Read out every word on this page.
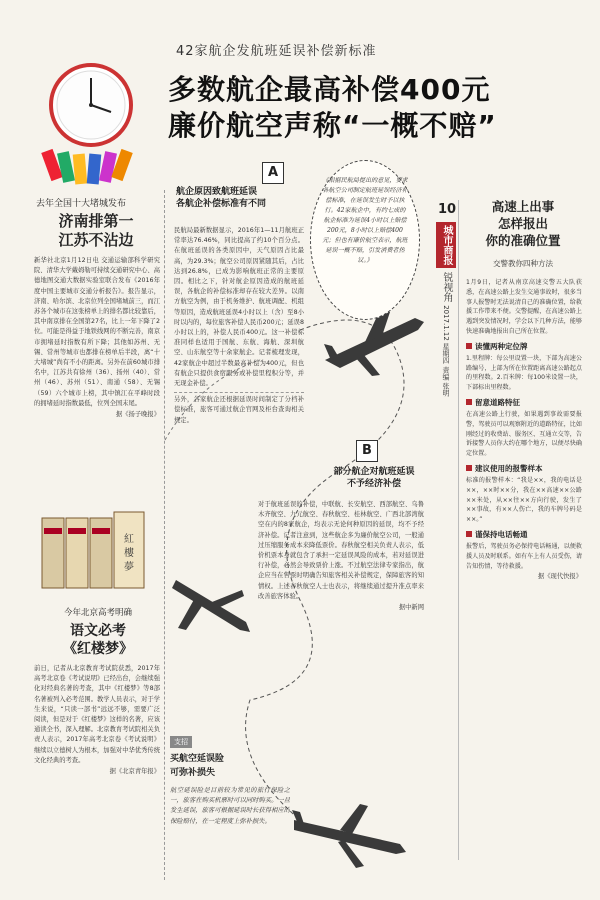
42家航企发航班延误补偿新标准
多数航企最高补偿400元
廉价航空声称“一概不赔”
去年全国十大堵城发布
济南排第一
江苏不沾边

新华社北京1月12日电 交通运输部科学研究院、清华大学戴姆勒可持续交通研究中心、高德地图交通大数据实验室联合发布《2016年度中国主要城市交通分析报告》。报告显示，济南、哈尔滨、北京位列全国堵城前三，而江苏各个城市在这张榜单上的排名都比较靠后，其中南京排在全国第27名，比上一年下降了2位。可能是得益于地铁线网的不断完善，南京市拥堵延时指数有所下降；其他如苏州、无锡、常州等城市也都排在榜单后半段，离“十大堵城”尚有不小的距离。另外在前60城市排名中，江苏共有徐州（36）、扬州（40）、常州（46）、苏州（51）、南通（58）、无锡（59）六个城市上榜，其中镇江在平峰时段的拥堵延时指数最低，位列全国末尾。

据《扬子晚报》

紅
樓
夢
今年北京高考明确
语文必考
《红楼梦》

前日，记者从北京教育考试院获悉，2017年高考北京卷《考试说明》已经出台，会继续强化对经典名著的考查，其中《红楼梦》等8部名著被列入必考范围。教学人员表示，对于学生来说，“只读一部书”远远不够，需要广泛阅读，但是对于《红楼梦》这样的名著，应该通读全书，深入理解。北京教育考试院相关负责人表示，2017年高考北京卷《考试说明》继续以立德树人为根本，加强对中华优秀传统文化经典的考查。

据《北京青年报》

A
航企原因致航班延误
各航企补偿标准有不同

民航局最新数据显示，2016年1—11月航班正常率达76.46%，同比提高了约10个百分点。在航班延误的各类原因中，天气原因占比最高，为29.3%；航空公司原因紧随其后，占比达到26.8%，已成为影响航班正常的主要原因。相比之下，针对航企原因造成的航班延误，各航企的补偿标准却存在较大差异。以南方航空为例，由于机务维护、航班调配、机组等原因，造成航班延误4小时以上（含）至8小时以内的，每位旅客补偿人民币200元；延误8小时以上的，补偿人民币400元。这一补偿标准同样也适用于国航、东航、海航、深圳航空、山东航空等十余家航企。记者梳理发现，42家航企中超过半数最高补偿为400元，但也有航企只提供食宿服务或补偿里程积分等，并无现金补偿。

另外，各家航企还根据延误时间制定了分档补偿标准，旅客可通过航企官网及柜台查询相关规定。

《根据民航局提出的意见，要求各航空公司制定航班延误经济补偿标准，在延误发生时予以执行。42家航企中，有约七成的航企标准为延误4小时以上赔偿200元，8小时以上赔偿400元；但也有廉价航空表示，航班延误一概不赔，引发消费者热议。》
B
部分航企对航班延误
不予经济补偿

对于航班延误的补偿，中联航、长安航空、西部航空、乌鲁木齐航空、九元航空、春秋航空、桂林航空、广西北部湾航空在内的8家航企，均表示无论何种原因的延误，均不予经济补偿。记者注意到，这些航企多为廉价航空公司，一般通过压缩服务成本来降低票价。春秋航空相关负责人表示，低价机票本身就包含了承担一定延误风险的成本，若对延误进行补偿，必然会导致票价上涨。不过航空法律专家指出，航企应当在售票时明确告知旅客相关补偿规定，保障旅客的知情权。上述春秋航空人士也表示，将继续通过提升准点率来改善旅客体验。

据中新网

支招
买航空延误险
可弥补损失

航空延误险是目前较为常见的旅行保险之一，旅客在购买机票时可以同时购买。一旦发生延误，旅客可根据延误时长获得相应的保险赔付，在一定程度上弥补损失。

10
城市商报
锐视角 2017.1.12 星期四 责编 张明
高速上出事
怎样报出
你的准确位置
交警教你四种方法

1月9日，记者从南京高速交警五大队获悉，在高速公路上发生交通事故时，很多当事人报警时无法说清自己的准确位置，给救援工作带来不便。交警提醒，在高速公路上遇到突发情况时，学会以下几种方法，能够快速准确地报出自己所在位置。

读懂两种定位牌

1.里程牌：每公里设置一块，下部为高速公路编号，上部为所在位置距离高速公路起点的里程数。2.百米牌：每100米设置一块，下部标出里程数。

留意道路特征

在高速公路上行驶，如果遇到事故需要报警，驾驶员可以观察附近的道路特征，比如刚经过的收费站、服务区、互通立交等，告诉接警人员你大约在哪个地方，以便尽快确定位置。

建议使用的报警样本

标准的报警样本：“我是××，我的电话是××，××时××分，我在××高速××公路××米处，从××往××方向行驶，发生了××事故，有××人伤亡，我的车牌号码是××。”

谨保持电话畅通

报警后，驾驶员务必保持电话畅通，以便救援人员及时联系。如有车上有人员受伤，请告知伤情，等待救援。

据《现代快报》
